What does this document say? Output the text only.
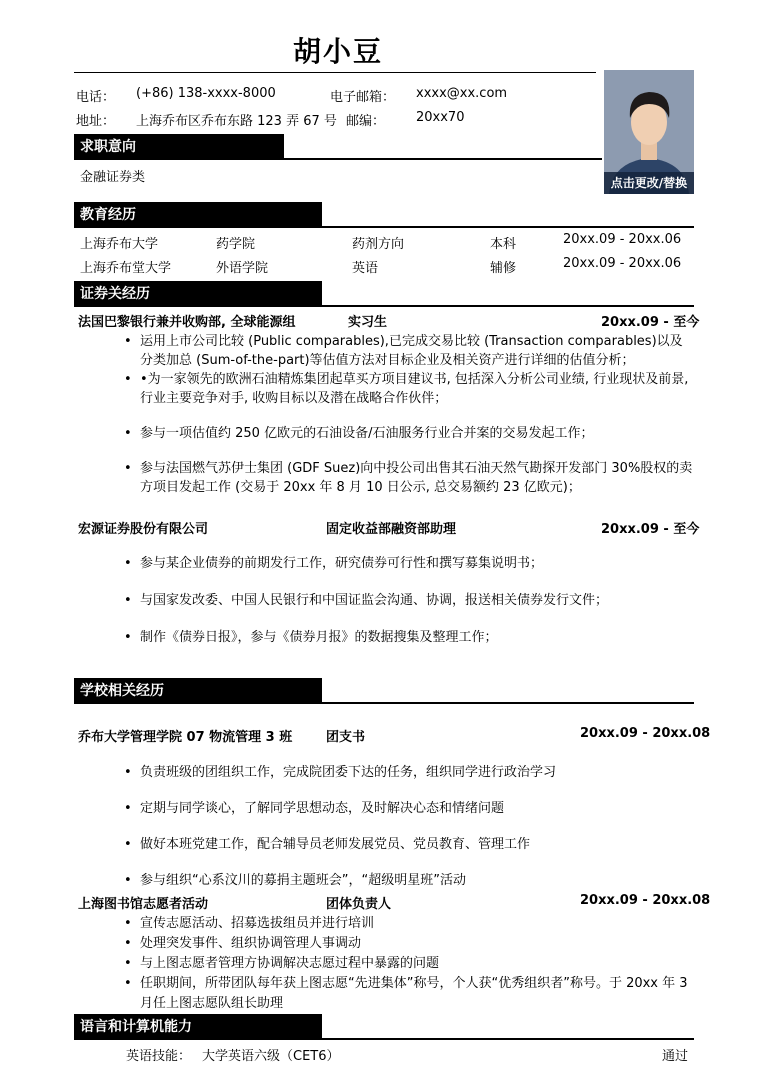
胡小豆
电话： (+86) 138-xxxx-8000	电子邮箱： xxxx@xx.com
地址： 上海乔布区乔布东路 123 弄 67 号 邮编： 20xx70
点击更改/替换
求职意向
金融证券类
教育经历
上海乔布大学	药学院	药剂方向	本科	20xx.09 - 20xx.06
上海乔布堂大学	外语学院	英语	辅修	20xx.09 - 20xx.06
证券关经历
法国巴黎银行兼并收购部, 全球能源组	实习生	20xx.09 - 至今
• 运用上市公司比较 (Public comparables),已完成交易比较 (Transaction comparables)以及分类加总 (Sum-of-the-part)等估值方法对目标企业及相关资产进行详细的估值分析；
• •为一家领先的欧洲石油精炼集团起草买方项目建议书, 包括深入分析公司业绩, 行业现状及前景, 行业主要竞争对手, 收购目标以及潜在战略合作伙伴；
• 参与一项估值约 250 亿欧元的石油设备/石油服务行业合并案的交易发起工作；
• 参与法国燃气苏伊士集团 (GDF Suez)向中投公司出售其石油天然气勘探开发部门 30%股权的卖方项目发起工作 (交易于 20xx 年 8 月 10 日公示, 总交易额约 23 亿欧元)；
宏源证券股份有限公司	固定收益部融资部助理	20xx.09 - 至今
• 参与某企业债券的前期发行工作，研究债券可行性和撰写募集说明书；
• 与国家发改委、中国人民银行和中国证监会沟通、协调，报送相关债券发行文件；
• 制作《债券日报》，参与《债券月报》的数据搜集及整理工作；
学校相关经历
乔布大学管理学院 07 物流管理 3 班	团支书	20xx.09 - 20xx.08
• 负责班级的团组织工作，完成院团委下达的任务，组织同学进行政治学习
• 定期与同学谈心，了解同学思想动态，及时解决心态和情绪问题
• 做好本班党建工作，配合辅导员老师发展党员、党员教育、管理工作
• 参与组织“心系汶川的募捐主题班会”，“超级明星班”活动
上海图书馆志愿者活动	团体负责人	20xx.09 - 20xx.08
• 宣传志愿活动、招募选拔组员并进行培训
• 处理突发事件、组织协调管理人事调动
• 与上图志愿者管理方协调解决志愿过程中暴露的问题
• 任职期间，所带团队每年获上图志愿“先进集体”称号，个人获“优秀组织者”称号。于 20xx 年 3 月任上图志愿队组长助理
语言和计算机能力
英语技能： 大学英语六级（CET6）	通过
